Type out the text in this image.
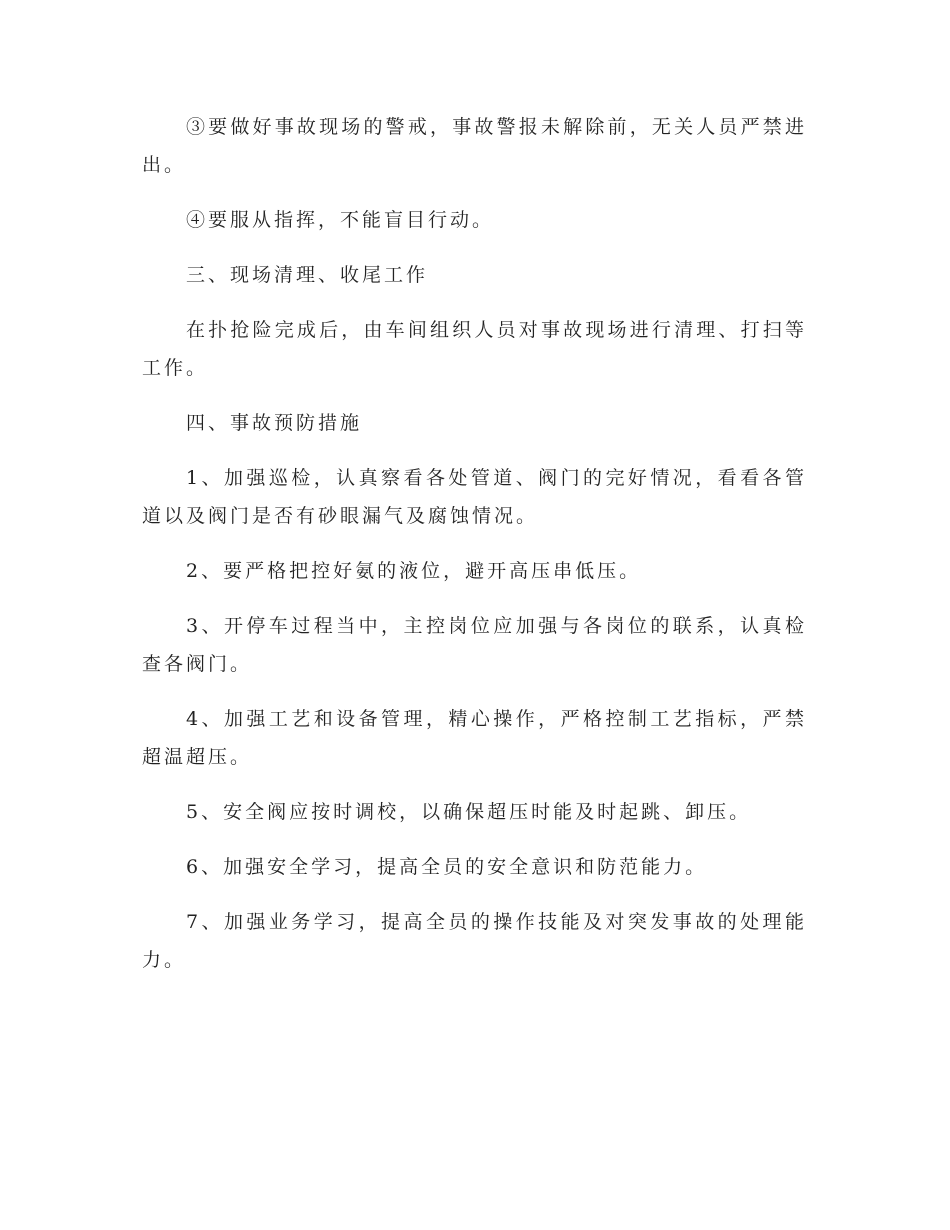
③要做好事故现场的警戒，事故警报未解除前，无关人员严禁进出。

④要服从指挥，不能盲目行动。

三、现场清理、收尾工作

在扑抢险完成后，由车间组织人员对事故现场进行清理、打扫等工作。

四、事故预防措施

1、加强巡检，认真察看各处管道、阀门的完好情况，看看各管道以及阀门是否有砂眼漏气及腐蚀情况。

2、要严格把控好氨的液位，避开高压串低压。

3、开停车过程当中，主控岗位应加强与各岗位的联系，认真检查各阀门。

4、加强工艺和设备管理，精心操作，严格控制工艺指标，严禁超温超压。

5、安全阀应按时调校，以确保超压时能及时起跳、卸压。

6、加强安全学习，提高全员的安全意识和防范能力。

7、加强业务学习，提高全员的操作技能及对突发事故的处理能力。
